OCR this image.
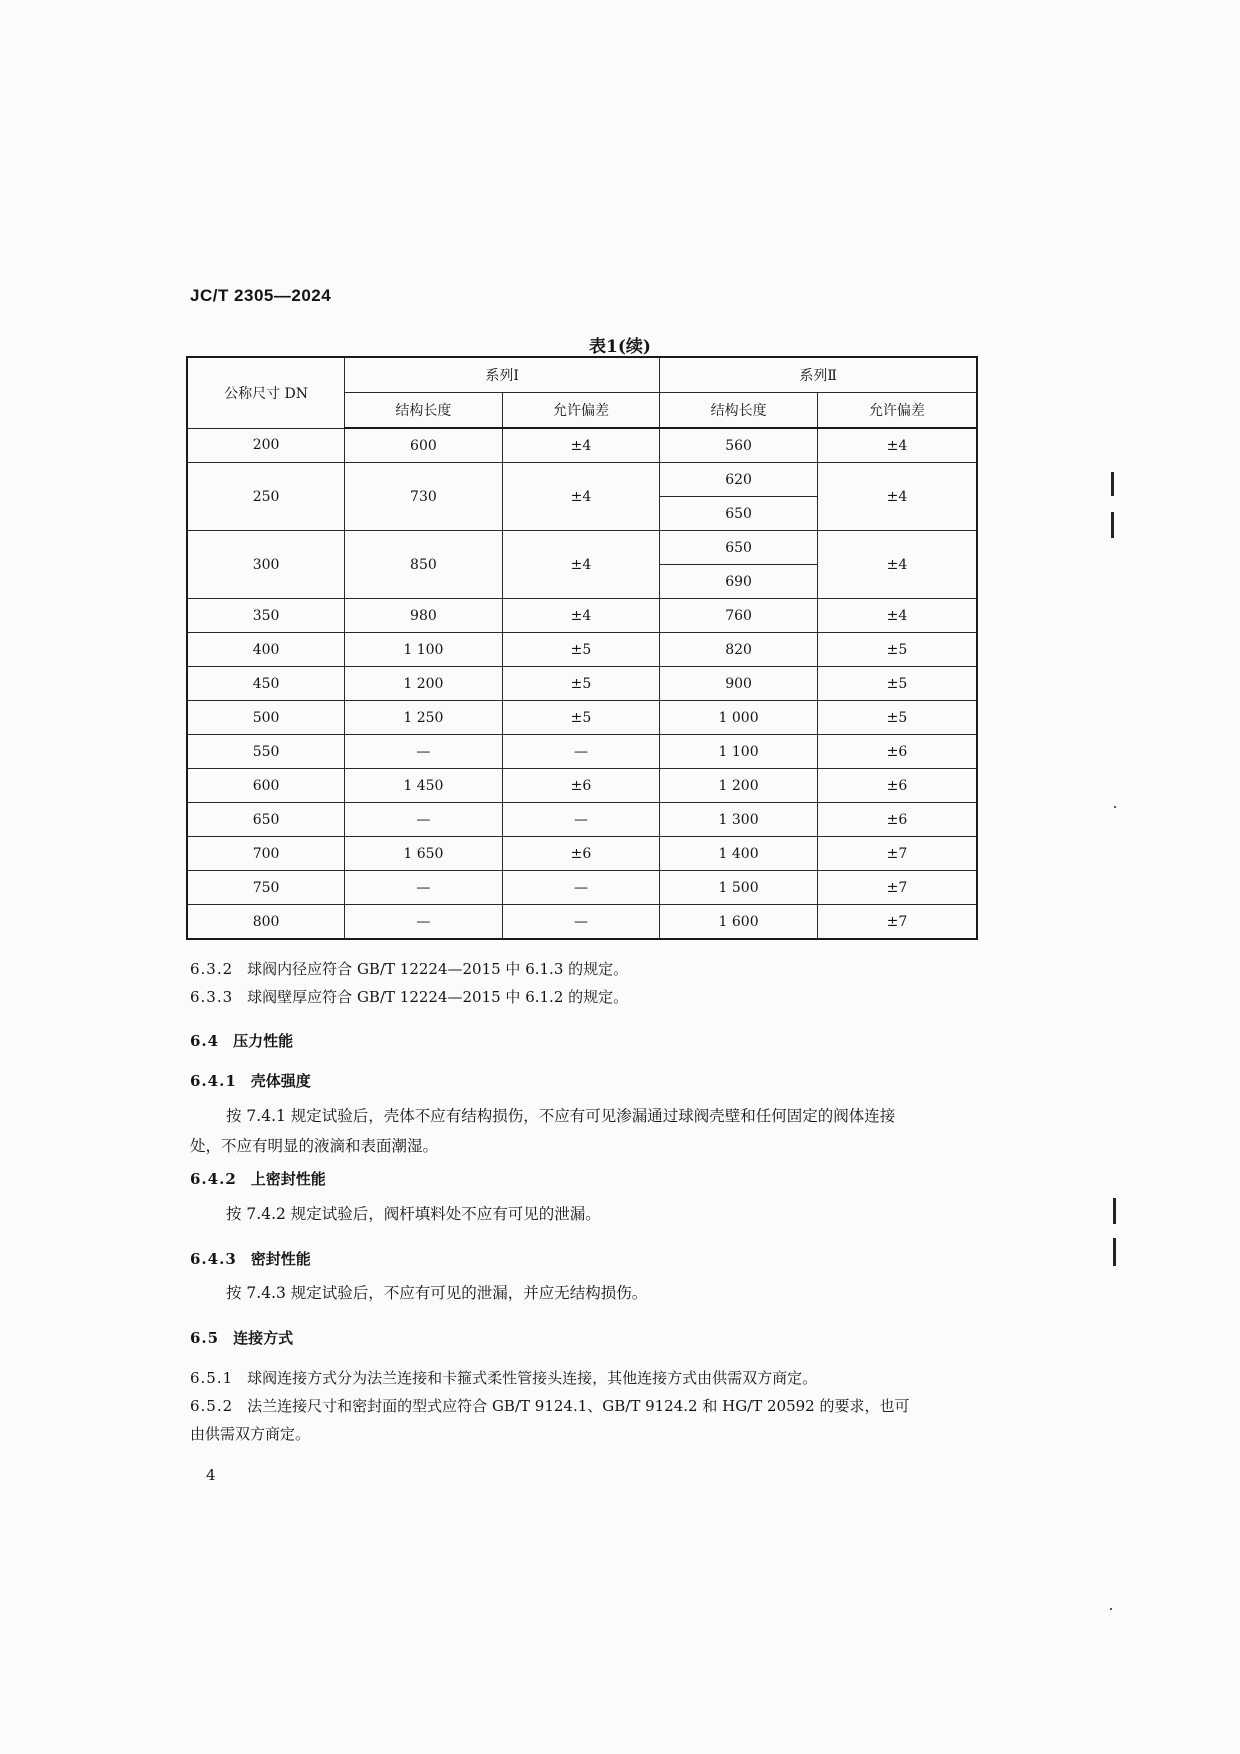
JC/T 2305—2024
表1(续)
公称尺寸 DN	系列Ⅰ		系列Ⅱ	
	结构长度	允许偏差	结构长度	允许偏差
200	600	±4	560	±4
250	730	±4	620	±4
			650	
300	850	±4	650	±4
			690	
350	980	±4	760	±4
400	1 100	±5	820	±5
450	1 200	±5	900	±5
500	1 250	±5	1 000	±5
550	—	—	1 100	±6
600	1 450	±6	1 200	±6
650	—	—	1 300	±6
700	1 650	±6	1 400	±7
750	—	—	1 500	±7
800	—	—	1 600	±7
6.3.2 球阀内径应符合 GB/T 12224—2015 中 6.1.3 的规定。
6.3.3 球阀壁厚应符合 GB/T 12224—2015 中 6.1.2 的规定。
6.4 压力性能
6.4.1 壳体强度
按 7.4.1 规定试验后，壳体不应有结构损伤，不应有可见渗漏通过球阀壳壁和任何固定的阀体连接
处，不应有明显的液滴和表面潮湿。
6.4.2 上密封性能
按 7.4.2 规定试验后，阀杆填料处不应有可见的泄漏。
6.4.3 密封性能
按 7.4.3 规定试验后，不应有可见的泄漏，并应无结构损伤。
6.5 连接方式
6.5.1 球阀连接方式分为法兰连接和卡箍式柔性管接头连接，其他连接方式由供需双方商定。
6.5.2 法兰连接尺寸和密封面的型式应符合 GB/T 9124.1、GB/T 9124.2 和 HG/T 20592 的要求，也可
由供需双方商定。
4
